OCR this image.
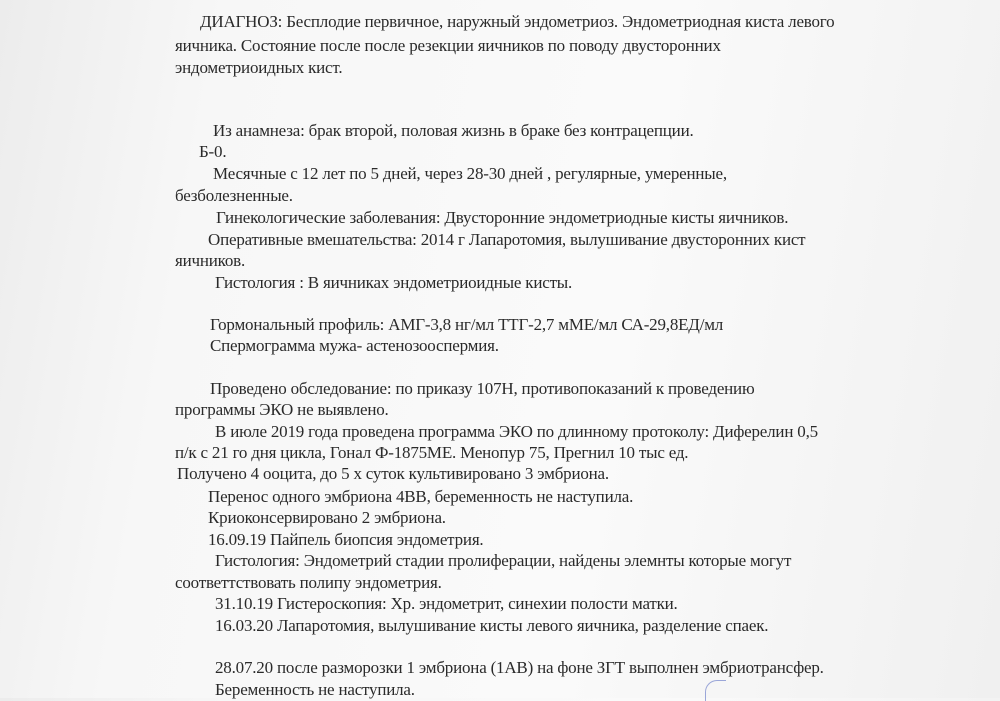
ДИАГНОЗ: Бесплодие первичное, наружный эндометриоз. Эндометриодная киста левого
яичника. Состояние после после резекции яичников по поводу двусторонних
эндометриоидных кист.
Из анамнеза: брак второй, половая жизнь в браке без контрацепции.
Б-0.
Месячные с 12 лет по 5 дней, через 28-30 дней , регулярные, умеренные,
безболезненные.
Гинекологические заболевания: Двусторонние эндометриодные кисты яичников.
Оперативные вмешательства: 2014 г Лапаротомия, вылушивание двусторонних кист
яичников.
Гистология : В яичниках эндометриоидные кисты.
Гормональный профиль: АМГ-3,8 нг/мл ТТГ-2,7 мМЕ/мл СА-29,8ЕД/мл
Спермограмма мужа- астенозооспермия.
Проведено обследование: по приказу 107Н, противопоказаний к проведению
программы ЭКО не выявлено.
В июле 2019 года проведена программа ЭКО по длинному протоколу: Диферелин 0,5
п/к с 21 го дня цикла, Гонал Ф-1875МЕ. Менопур 75, Прегнил 10 тыс ед.
Получено 4 ооцита, до 5 х суток культивировано 3 эмбриона.
Перенос одного эмбриона 4ВВ, беременность не наступила.
Криоконсервировано 2 эмбриона.
16.09.19 Пайпель биопсия эндометрия.
Гистология: Эндометрий стадии пролиферации, найдены элемнты которые могут
соответтствовать полипу эндометрия.
31.10.19 Гистероскопия: Хр. эндометрит, синехии полости матки.
16.03.20 Лапаротомия, вылушивание кисты левого яичника, разделение спаек.
28.07.20 после разморозки 1 эмбриона (1АВ) на фоне ЗГТ выполнен эмбриотрансфер.
Беременность не наступила.
